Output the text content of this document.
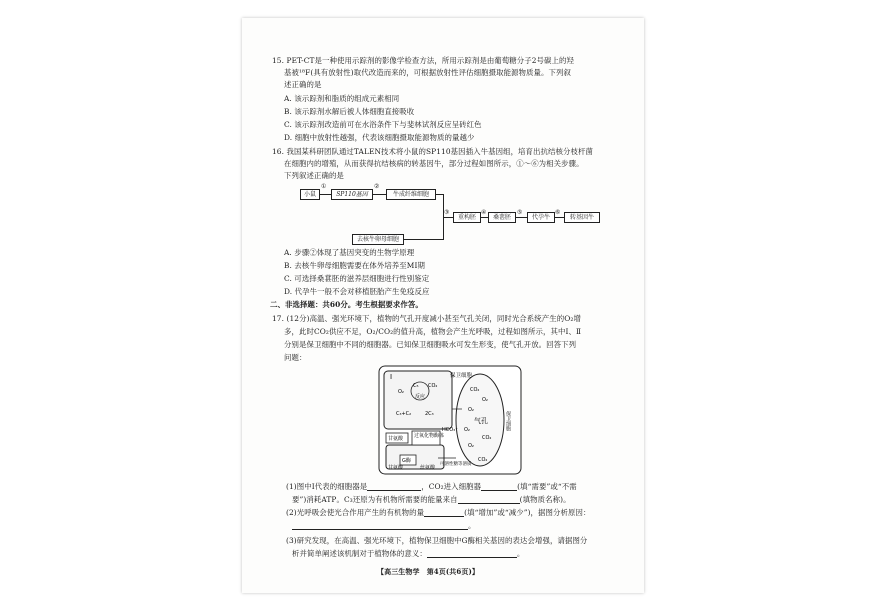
15. PET-CT是一种使用示踪剂的影像学检查方法，所用示踪剂是由葡萄糖分子2号碳上的羟
基被¹⁸F(具有放射性)取代改造而来的，可根据放射性评估细胞摄取能源物质量。下列叙
述正确的是
A. 该示踪剂和脂质的组成元素相同
B. 该示踪剂水解后被人体细胞直接吸收
C. 该示踪剂改造前可在水浴条件下与斐林试剂反应呈砖红色
D. 细胞中放射性越强，代表该细胞摄取能源物质的量越少
16. 我国某科研团队通过TALEN技术将小鼠的SP110基因插入牛基因组，培育出抗结核分枝杆菌
在细胞内的增殖，从而获得抗结核病的转基因牛，部分过程如图所示，①～⑥为相关步骤。
下列叙述正确的是
小鼠
①
SP110基因
②
牛成纤维细胞
去核牛卵母细胞
③
重构胚
④
桑葚胚
⑤
代孕牛
⑥
转基因牛
A. 步骤②体现了基因突变的生物学原理
B. 去核牛卵母细胞需要在体外培养至MⅠ期
C. 可选择桑葚胚的滋养层细胞进行性别鉴定
D. 代孕牛一般不会对移植胚胎产生免疫反应
二、非选择题：共60分。考生根据要求作答。
17. (12分)高温、强光环境下，植物的气孔开度减小甚至气孔关闭，同时光合系统产生的O₂增
多，此时CO₂供应不足，O₂/CO₂的值升高，植物会产生光呼吸，过程如图所示，其中Ⅰ、Ⅱ
分别是保卫细胞中不同的细胞器。已知保卫细胞吸水可发生形变，使气孔开放。回答下列
问题：
Ⅰ	保卫细胞
O₂
C₅ CO₂
反应
C₃+C₂	2C₃
甘氨酸 过氧化物酶体
HCO₃⁻
G酶
甘氨酸	丝氨酸
可溶性糖等溶质
气孔
CO₂
O₂
O₂
CO₂
O₂
CO₂
O₂	保卫细胞
(1)图中Ⅰ代表的细胞器是	，CO₂进入细胞器	(填“需要”或“不需
要”)消耗ATP。C₃还原为有机物所需要的能量来自	(填物质名称)。
(2)光呼吸会使光合作用产生的有机物的量	(填“增加”或“减少”)，据图分析原因：
。
(3)研究发现，在高温、强光环境下，植物保卫细胞中G酶相关基因的表达会增强，请据图分
析并简单阐述该机制对于植物体的意义：	。
【高三生物学　第4页(共6页)】
